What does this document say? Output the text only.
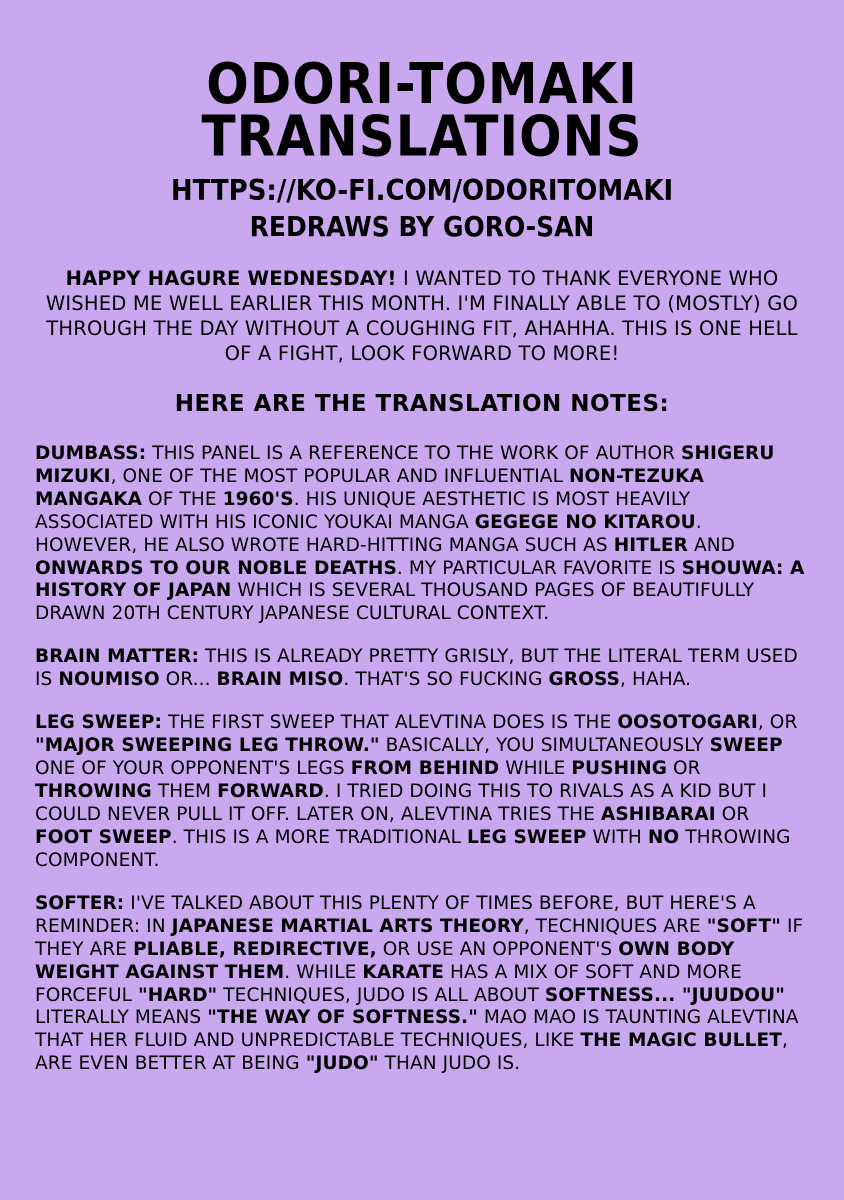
ODORI-TOMAKI
TRANSLATIONS
HTTPS://KO-FI.COM/ODORITOMAKI
REDRAWS BY GORO-SAN
HAPPY HAGURE WEDNESDAY! I WANTED TO THANK EVERYONE WHO WISHED ME WELL EARLIER THIS MONTH. I'M FINALLY ABLE TO (MOSTLY) GO THROUGH THE DAY WITHOUT A COUGHING FIT, AHAHHA. THIS IS ONE HELL OF A FIGHT, LOOK FORWARD TO MORE!
HERE ARE THE TRANSLATION NOTES:
DUMBASS: THIS PANEL IS A REFERENCE TO THE WORK OF AUTHOR SHIGERU MIZUKI, ONE OF THE MOST POPULAR AND INFLUENTIAL NON-TEZUKA MANGAKA OF THE 1960'S. HIS UNIQUE AESTHETIC IS MOST HEAVILY ASSOCIATED WITH HIS ICONIC YOUKAI MANGA GEGEGE NO KITAROU. HOWEVER, HE ALSO WROTE HARD-HITTING MANGA SUCH AS HITLER AND ONWARDS TO OUR NOBLE DEATHS. MY PARTICULAR FAVORITE IS SHOUWA: A HISTORY OF JAPAN WHICH IS SEVERAL THOUSAND PAGES OF BEAUTIFULLY DRAWN 20TH CENTURY JAPANESE CULTURAL CONTEXT.
BRAIN MATTER: THIS IS ALREADY PRETTY GRISLY, BUT THE LITERAL TERM USED IS NOUMISO OR... BRAIN MISO. THAT'S SO FUCKING GROSS, HAHA.
LEG SWEEP: THE FIRST SWEEP THAT ALEVTINA DOES IS THE OOSOTOGARI, OR "MAJOR SWEEPING LEG THROW." BASICALLY, YOU SIMULTANEOUSLY SWEEP ONE OF YOUR OPPONENT'S LEGS FROM BEHIND WHILE PUSHING OR THROWING THEM FORWARD. I TRIED DOING THIS TO RIVALS AS A KID BUT I COULD NEVER PULL IT OFF. LATER ON, ALEVTINA TRIES THE ASHIBARAI OR FOOT SWEEP. THIS IS A MORE TRADITIONAL LEG SWEEP WITH NO THROWING COMPONENT.
SOFTER: I'VE TALKED ABOUT THIS PLENTY OF TIMES BEFORE, BUT HERE'S A REMINDER: IN JAPANESE MARTIAL ARTS THEORY, TECHNIQUES ARE "SOFT" IF THEY ARE PLIABLE, REDIRECTIVE, OR USE AN OPPONENT'S OWN BODY WEIGHT AGAINST THEM. WHILE KARATE HAS A MIX OF SOFT AND MORE FORCEFUL "HARD" TECHNIQUES, JUDO IS ALL ABOUT SOFTNESS... "JUUDOU" LITERALLY MEANS "THE WAY OF SOFTNESS." MAO MAO IS TAUNTING ALEVTINA THAT HER FLUID AND UNPREDICTABLE TECHNIQUES, LIKE THE MAGIC BULLET, ARE EVEN BETTER AT BEING "JUDO" THAN JUDO IS.
